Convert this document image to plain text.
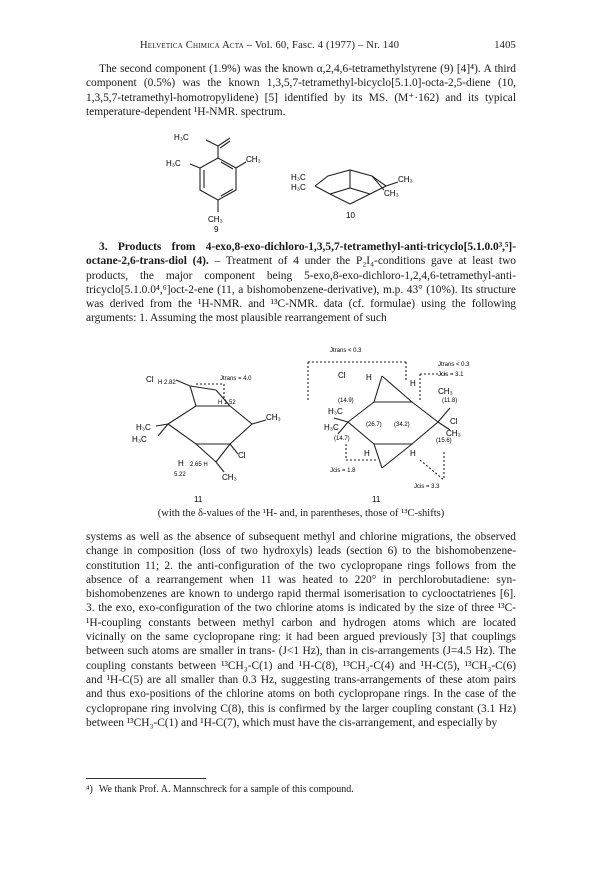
Helvetica Chimica Acta – Vol. 60, Fasc. 4 (1977) – Nr. 140	1405

The second component (1.9%) was the known α,2,4,6-tetramethylstyrene (9) [4]⁴). A third component (0.5%) was the known 1,3,5,7-tetramethyl-bicyclo[5.1.0]-octa-2,5-diene (10, 1,3,5,7-tetramethyl-homotropylidene) [5] identified by its MS. (M⁺·162) and its typical temperature-dependent ¹H-NMR. spectrum.

H₃C
H₃C	CH₃
CH₃
9
H₃C
H₃C
CH₃
CH₃
10

3. Products from 4-exo,8-exo-dichloro-1,3,5,7-tetramethyl-anti-tricyclo[5.1.0.0³,⁵]-octane-2,6-trans-diol (4). – Treatment of 4 under the P₂I₄-conditions gave at least two products, the major component being 5-exo,8-exo-dichloro-1,2,4,6-tetramethyl-anti-tricyclo[5.1.0.0⁴,⁶]oct-2-ene (11, a bishomobenzene-derivative), m.p. 43° (10%). Its structure was derived from the ¹H-NMR. and ¹³C-NMR. data (cf. formulae) using the following arguments: 1. Assuming the most plausible rearrangement of such

Cl H 2.82
Jtrans = 4.0
H 1.52
H₃C
H₃C
CH₃
CH₃
Cl
H
5.22
2.65 H
11
Jtrans < 0.3
Jtrans < 0.3
Jcis = 3.1
Cl	H
H
(14.9)	(11.8)
(26.7) (34.2)
(14.7)	(15.6)
H₃C
H₃C
CH₃
CH₃
Cl
H	H
Jcis = 1.8
Jcis = 3.3
11
(with the δ-values of the ¹H- and, in parentheses, those of ¹³C-shifts)

systems as well as the absence of subsequent methyl and chlorine migrations, the observed change in composition (loss of two hydroxyls) leads (section 6) to the bishomobenzene-constitution 11; 2. the anti-configuration of the two cyclopropane rings follows from the absence of a rearrangement when 11 was heated to 220° in perchlorobutadiene: syn-bishomobenzenes are known to undergo rapid thermal isomerisation to cyclooctatrienes [6]. 3. the exo, exo-configuration of the two chlorine atoms is indicated by the size of three ¹³C-¹H-coupling constants between methyl carbon and hydrogen atoms which are located vicinally on the same cyclopropane ring: it had been argued previously [3] that couplings between such atoms are smaller in trans- (J<1 Hz), than in cis-arrangements (J=4.5 Hz). The coupling constants between ¹³CH₃-C(1) and ¹H-C(8), ¹³CH₃-C(4) and ¹H-C(5), ¹³CH₃-C(6) and ¹H-C(5) are all smaller than 0.3 Hz, suggesting trans-arrangements of these atom pairs and thus exo-positions of the chlorine atoms on both cyclopropane rings. In the case of the cyclopropane ring involving C(8), this is confirmed by the larger coupling constant (3.1 Hz) between ¹³CH₃-C(1) and ¹H-C(7), which must have the cis-arrangement, and especially by

⁴) We thank Prof. A. Mannschreck for a sample of this compound.
